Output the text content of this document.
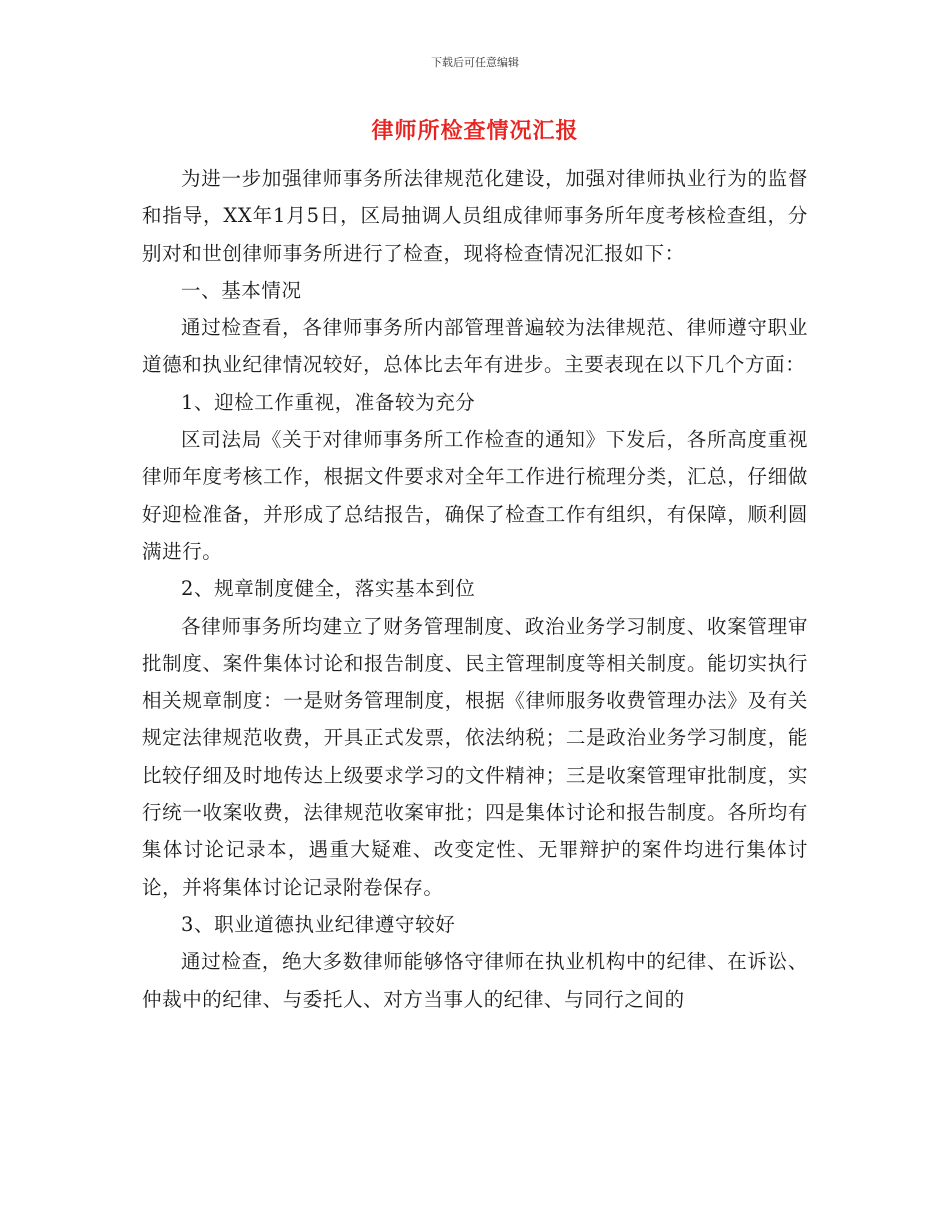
下载后可任意编辑
律师所检查情况汇报

为进一步加强律师事务所法律规范化建设，加强对律师执业行为的监督和指导，XX年1月5日，区局抽调人员组成律师事务所年度考核检查组，分别对和世创律师事务所进行了检查，现将检查情况汇报如下：

一、基本情况

通过检查看，各律师事务所内部管理普遍较为法律规范、律师遵守职业道德和执业纪律情况较好，总体比去年有进步。主要表现在以下几个方面：

1、迎检工作重视，准备较为充分

区司法局《关于对律师事务所工作检查的通知》下发后，各所高度重视律师年度考核工作，根据文件要求对全年工作进行梳理分类，汇总，仔细做好迎检准备，并形成了总结报告，确保了检查工作有组织，有保障，顺利圆满进行。

2、规章制度健全，落实基本到位

各律师事务所均建立了财务管理制度、政治业务学习制度、收案管理审批制度、案件集体讨论和报告制度、民主管理制度等相关制度。能切实执行相关规章制度：一是财务管理制度，根据《律师服务收费管理办法》及有关规定法律规范收费，开具正式发票，依法纳税；二是政治业务学习制度，能比较仔细及时地传达上级要求学习的文件精神；三是收案管理审批制度，实行统一收案收费，法律规范收案审批；四是集体讨论和报告制度。各所均有集体讨论记录本，遇重大疑难、改变定性、无罪辩护的案件均进行集体讨论，并将集体讨论记录附卷保存。

3、职业道德执业纪律遵守较好

通过检查，绝大多数律师能够恪守律师在执业机构中的纪律、在诉讼、仲裁中的纪律、与委托人、对方当事人的纪律、与同行之间的
